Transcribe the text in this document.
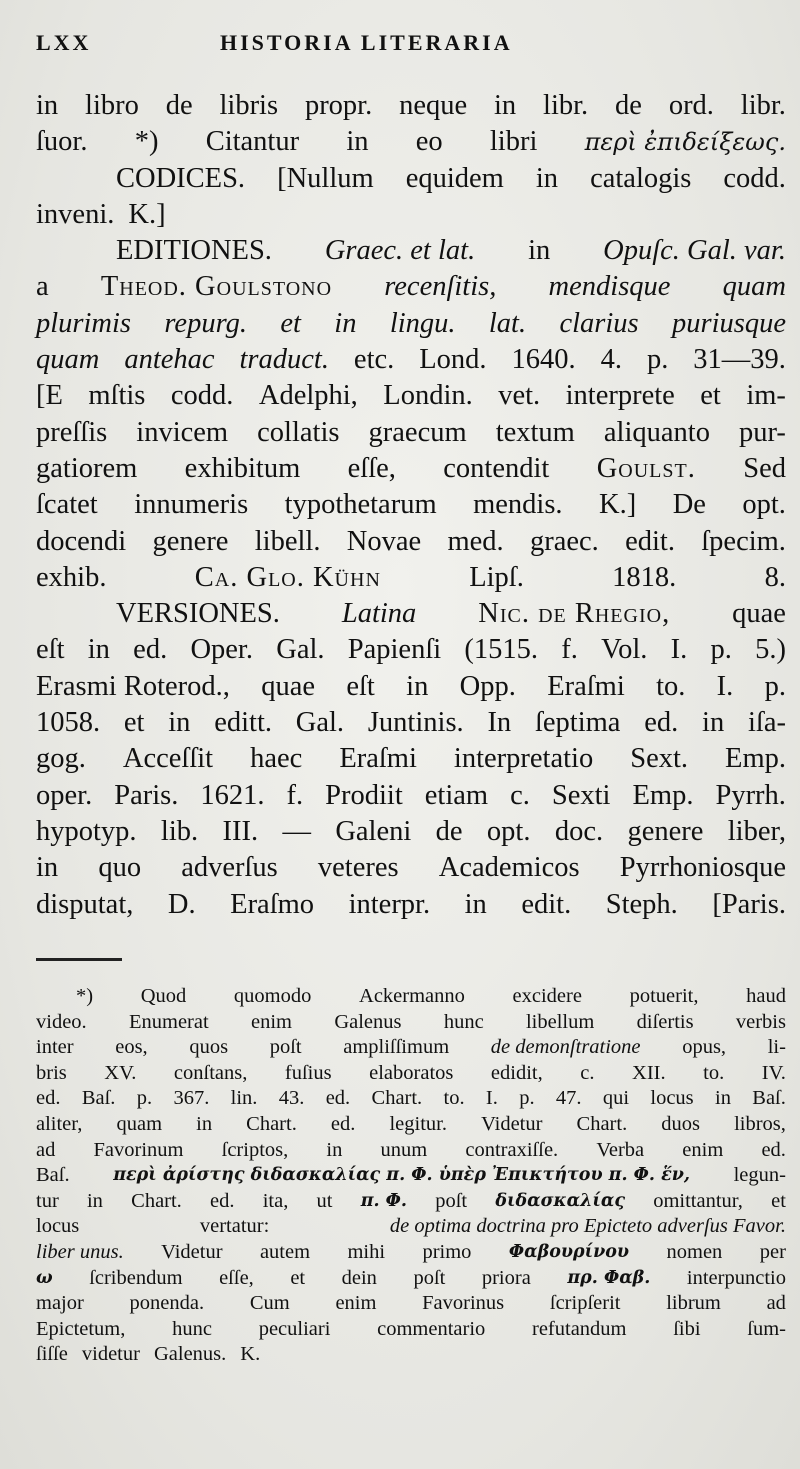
LXX	HISTORIA LITERARIA
in libro de libris propr. neque in libr. de ord. libr.
ſuor. *) Citantur in eo libri περὶ ἐπιδείξεως.
CODICES. [Nullum equidem in catalogis codd.
inveni. K.]
EDITIONES. Graec. et lat. in Opuſc. Gal. var.
a Theod. Goulstono recenſitis, mendisque quam
plurimis repurg. et in lingu. lat. clarius puriusque
quam antehac traduct. etc. Lond. 1640. 4. p. 31—39.
[E mſtis codd. Adelphi, Londin. vet. interprete et im-
preſſis invicem collatis graecum textum aliquanto pur-
gatiorem exhibitum eſſe, contendit Goulst. Sed
ſcatet innumeris typothetarum mendis. K.] De opt.
docendi genere libell. Novae med. graec. edit. ſpecim.
exhib.	Ca. Glo. Kühn	Lipſ.	1818.	8.
VERSIONES. Latina Nic. de Rhegio, quae
eſt in ed. Oper. Gal. Papienſi (1515. f. Vol. I. p. 5.)
Erasmi Roterod., quae eſt in Opp. Eraſmi to. I. p.
1058. et in editt. Gal. Juntinis. In ſeptima ed. in iſa-
gog. Acceſſit haec Eraſmi interpretatio Sext. Emp.
oper. Paris. 1621. f. Prodiit etiam c. Sexti Emp. Pyrrh.
hypotyp. lib. III. — Galeni de opt. doc. genere liber,
in quo adverſus veteres Academicos Pyrrhoniosque
disputat, D. Eraſmo interpr. in edit. Steph. [Paris.
*) Quod quomodo Ackermanno excidere potuerit, haud
video. Enumerat enim Galenus hunc libellum diſertis verbis
inter eos, quos poſt ampliſſimum de demonſtratione opus, li-
bris XV. conſtans, fuſius elaboratos edidit, c. XII. to. IV.
ed. Baſ. p. 367. lin. 43. ed. Chart. to. I. p. 47. qui locus in Baſ.
aliter, quam in Chart. ed. legitur. Videtur Chart. duos libros,
ad Favorinum ſcriptos, in unum contraxiſſe. Verba enim ed.
Baſ. περὶ ἀρίστης διδασκαλίας π. Φ. ὑπὲρ Ἐπικτήτου π. Φ. ἕν, legun-
tur in Chart. ed. ita, ut π. Φ. poſt διδασκαλίας omittantur, et
locus	vertatur:	de optima doctrina pro Epicteto adverſus Favor.
liber unus. Videtur autem mihi primo Φαβουρίνου nomen per
ω ſcribendum eſſe, et dein poſt priora πρ. Φαβ. interpunctio
major ponenda. Cum enim Favorinus ſcripſerit librum ad
Epictetum, hunc peculiari commentario refutandum ſibi ſum-
ſiſſe videtur Galenus. K.
